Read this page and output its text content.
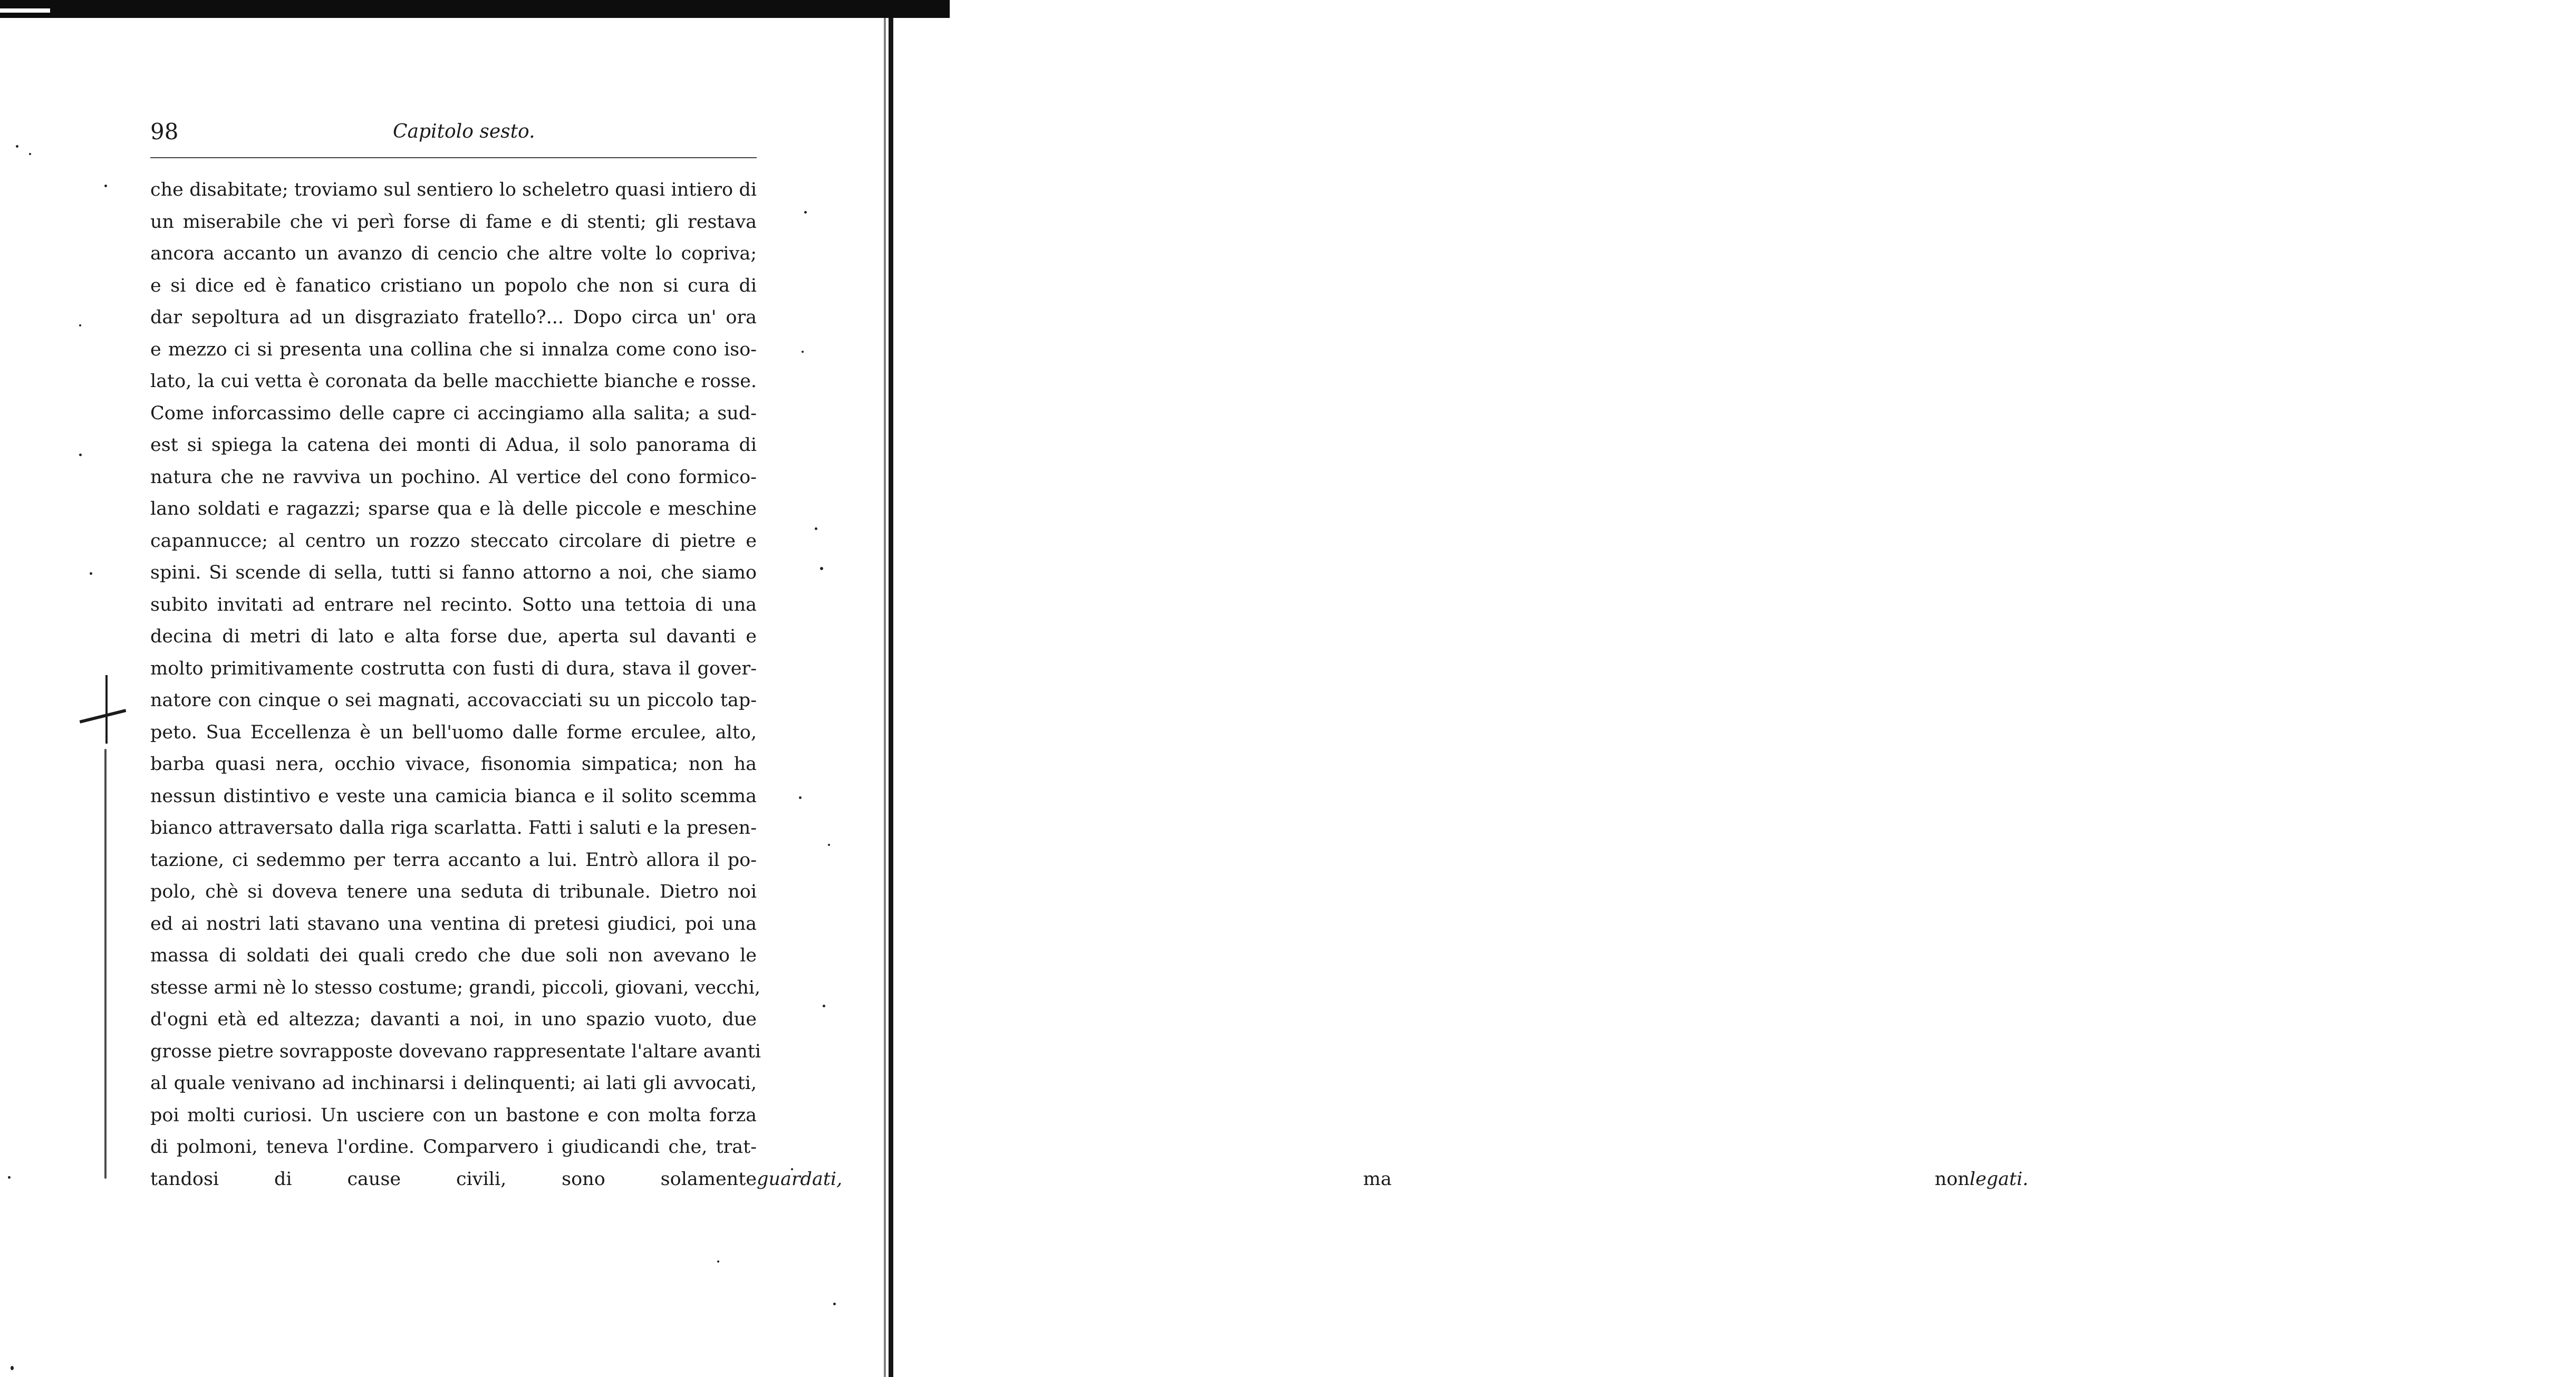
98	Capitolo sesto.
che disabitate; troviamo sul sentiero lo scheletro quasi intiero di
un miserabile che vi perì forse di fame e di stenti; gli restava
ancora accanto un avanzo di cencio che altre volte lo copriva;
e si dice ed è fanatico cristiano un popolo che non si cura di
dar sepoltura ad un disgraziato fratello?... Dopo circa un' ora
e mezzo ci si presenta una collina che si innalza come cono iso-
lato, la cui vetta è coronata da belle macchiette bianche e rosse.
Come inforcassimo delle capre ci accingiamo alla salita; a sud-
est si spiega la catena dei monti di Adua, il solo panorama di
natura che ne ravviva un pochino. Al vertice del cono formico-
lano soldati e ragazzi; sparse qua e là delle piccole e meschine
capannucce; al centro un rozzo steccato circolare di pietre e
spini. Si scende di sella, tutti si fanno attorno a noi, che siamo
subito invitati ad entrare nel recinto. Sotto una tettoia di una
decina di metri di lato e alta forse due, aperta sul davanti e
molto primitivamente costrutta con fusti di dura, stava il gover-
natore con cinque o sei magnati, accovacciati su un piccolo tap-
peto. Sua Eccellenza è un bell'uomo dalle forme erculee, alto,
barba quasi nera, occhio vivace, fisonomia simpatica; non ha
nessun distintivo e veste una camicia bianca e il solito scemma
bianco attraversato dalla riga scarlatta. Fatti i saluti e la presen-
tazione, ci sedemmo per terra accanto a lui. Entrò allora il po-
polo, chè si doveva tenere una seduta di tribunale. Dietro noi
ed ai nostri lati stavano una ventina di pretesi giudici, poi una
massa di soldati dei quali credo che due soli non avevano le
stesse armi nè lo stesso costume; grandi, piccoli, giovani, vecchi,
d'ogni età ed altezza; davanti a noi, in uno spazio vuoto, due
grosse pietre sovrapposte dovevano rappresentate l'altare avanti
al quale venivano ad inchinarsi i delinquenti; ai lati gli avvocati,
poi molti curiosi. Un usciere con un bastone e con molta forza
di polmoni, teneva l'ordine. Comparvero i giudicandi che, trat-
tandosi di cause civili, sono solamenteguardati,	ma nonlegati.
